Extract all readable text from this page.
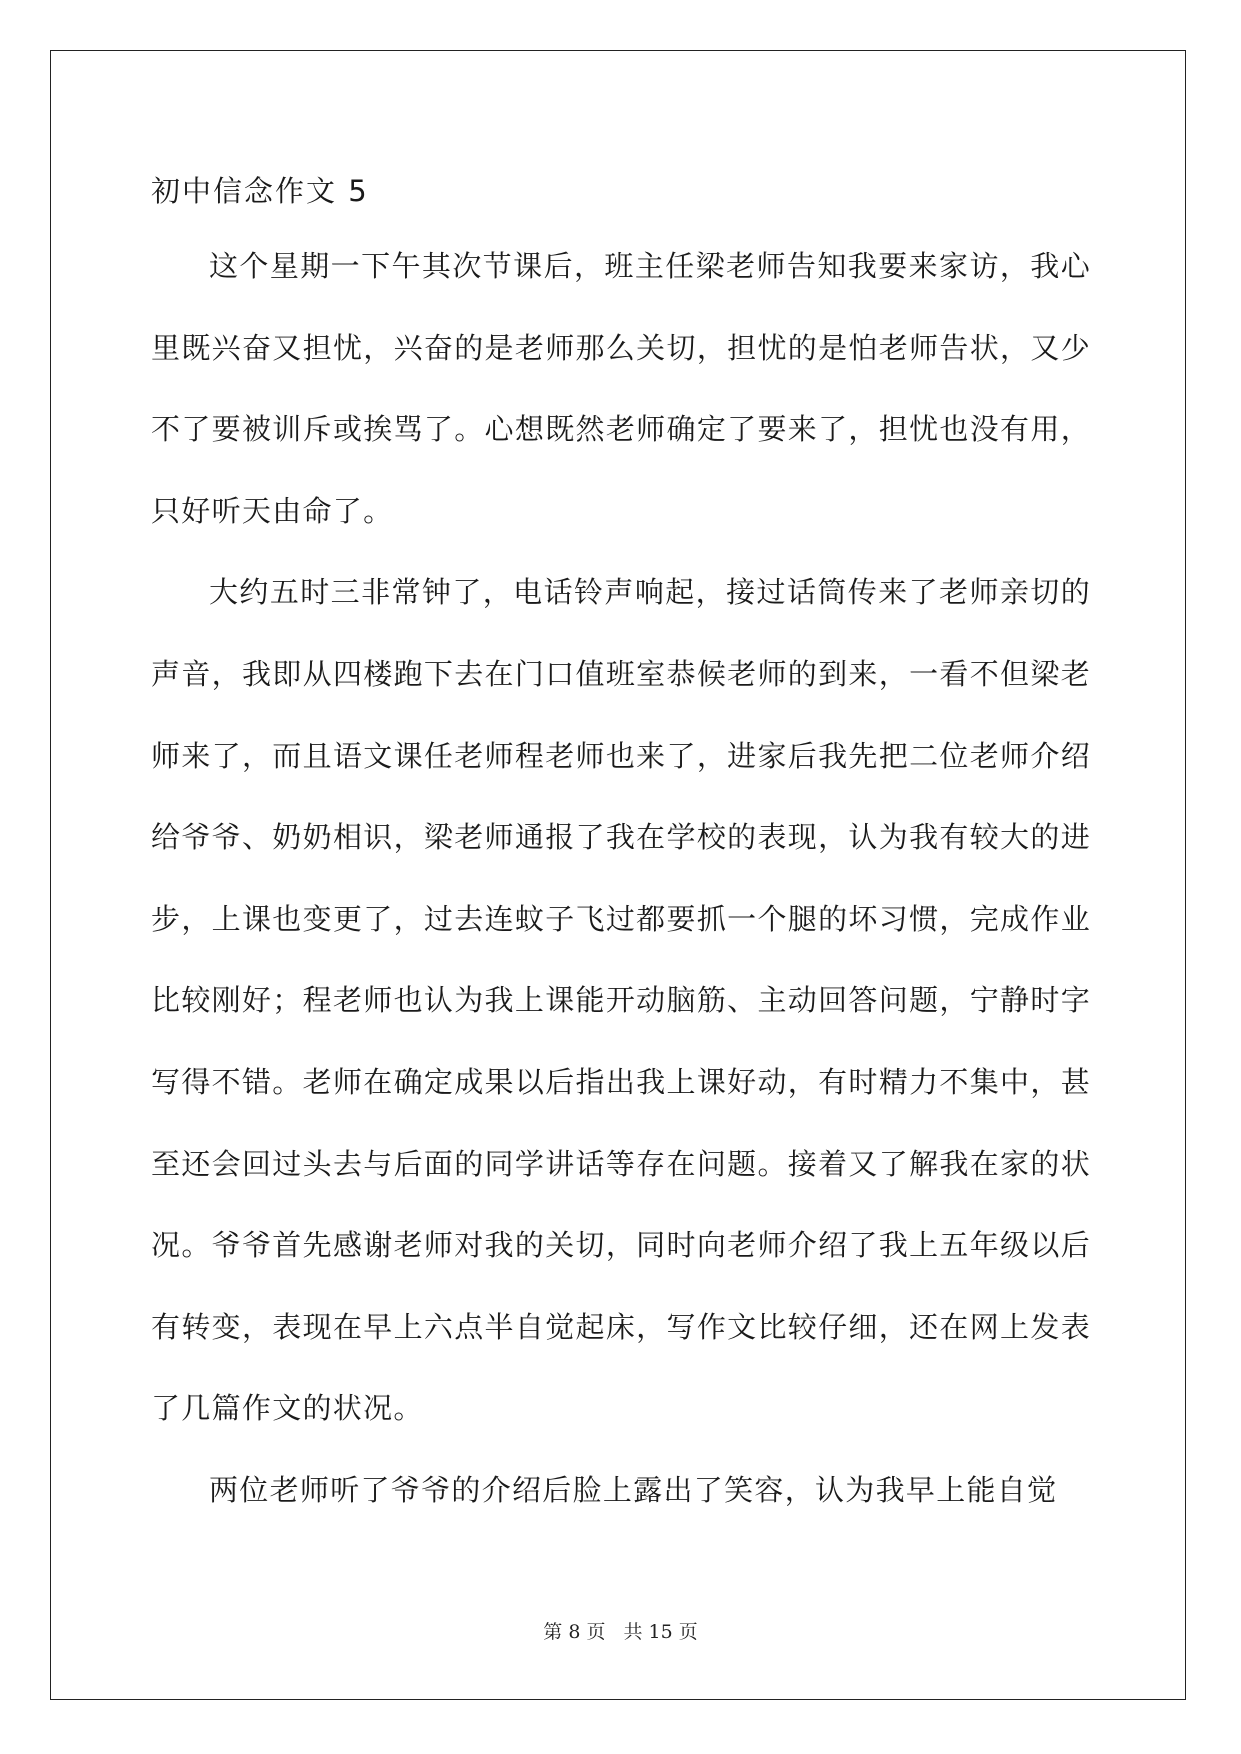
初中信念作文 5

这个星期一下午其次节课后，班主任梁老师告知我要来家访，我心里既兴奋又担忧，兴奋的是老师那么关切，担忧的是怕老师告状，又少不了要被训斥或挨骂了。心想既然老师确定了要来了，担忧也没有用，只好听天由命了。

大约五时三非常钟了，电话铃声响起，接过话筒传来了老师亲切的声音，我即从四楼跑下去在门口值班室恭候老师的到来，一看不但梁老师来了，而且语文课任老师程老师也来了，进家后我先把二位老师介绍给爷爷、奶奶相识，梁老师通报了我在学校的表现，认为我有较大的进步，上课也变更了，过去连蚊子飞过都要抓一个腿的坏习惯，完成作业比较刚好；程老师也认为我上课能开动脑筋、主动回答问题，宁静时字写得不错。老师在确定成果以后指出我上课好动，有时精力不集中，甚至还会回过头去与后面的同学讲话等存在问题。接着又了解我在家的状况。爷爷首先感谢老师对我的关切，同时向老师介绍了我上五年级以后有转变，表现在早上六点半自觉起床，写作文比较仔细，还在网上发表了几篇作文的状况。

两位老师听了爷爷的介绍后脸上露出了笑容，认为我早上能自觉

第 8 页 共 15 页
